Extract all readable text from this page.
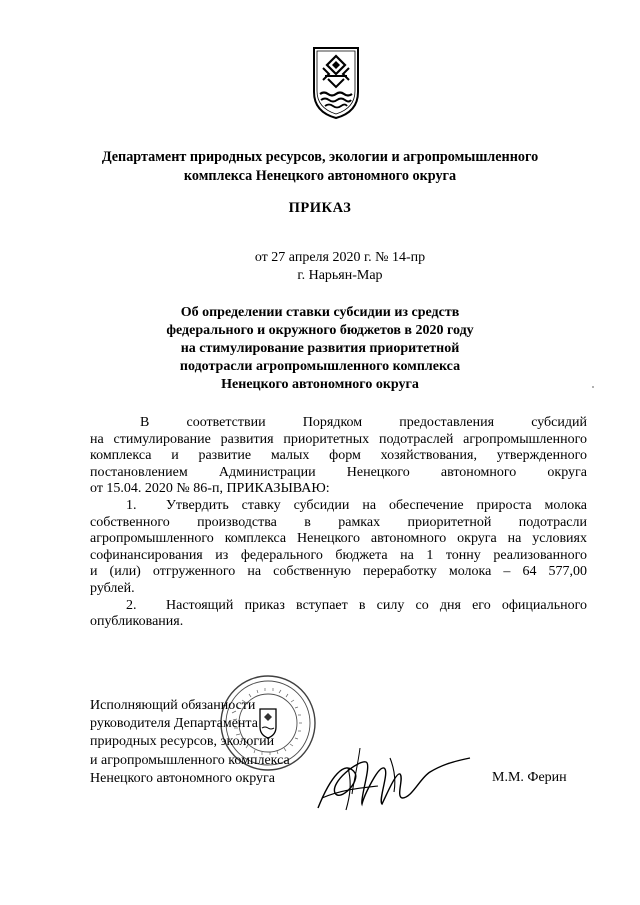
Департамент природных ресурсов, экологии и агропромышленного
комплекса Ненецкого автономного округа
ПРИКАЗ
от 27 апреля 2020 г. № 14-пр
г. Нарьян-Мар
Об определении ставки субсидии из средств
федерального и окружного бюджетов в 2020 году
на стимулирование развития приоритетной
подотрасли агропромышленного комплекса
Ненецкого автономного округа
В соответствии Порядком предоставления субсидий
на стимулирование развития приоритетных подотраслей агропромышленного
комплекса и развитие малых форм хозяйствования, утвержденного
постановлением Администрации Ненецкого автономного округа
от 15.04. 2020 № 86-п, ПРИКАЗЫВАЮ:
1. Утвердить ставку субсидии на обеспечение прироста молока
собственного производства в рамках приоритетной подотрасли
агропромышленного комплекса Ненецкого автономного округа на условиях
софинансирования из федерального бюджета на 1 тонну реализованного
и (или) отгруженного на собственную переработку молока – 64 577,00
рублей.
2. Настоящий приказ вступает в силу со дня его официального
опубликования.
Исполняющий обязанности
руководителя Департамента
природных ресурсов, экологии
и агропромышленного комплекса
Ненецкого автономного округа	М.М. Ферин
